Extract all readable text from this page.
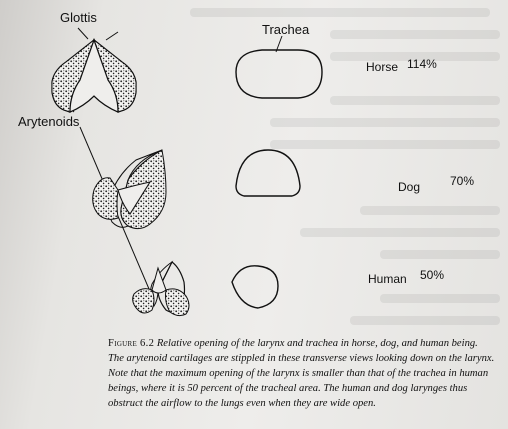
Glottis
Trachea
Arytenoids
Horse 114%
Dog 70%
Human 50%
Figure 6.2 Relative opening of the larynx and trachea in horse, dog, and human being. The arytenoid cartilages are stippled in these transverse views looking down on the larynx. Note that the maximum opening of the larynx is smaller than that of the trachea in human beings, where it is 50 percent of the tracheal area. The human and dog larynges thus obstruct the airflow to the lungs even when they are wide open.
